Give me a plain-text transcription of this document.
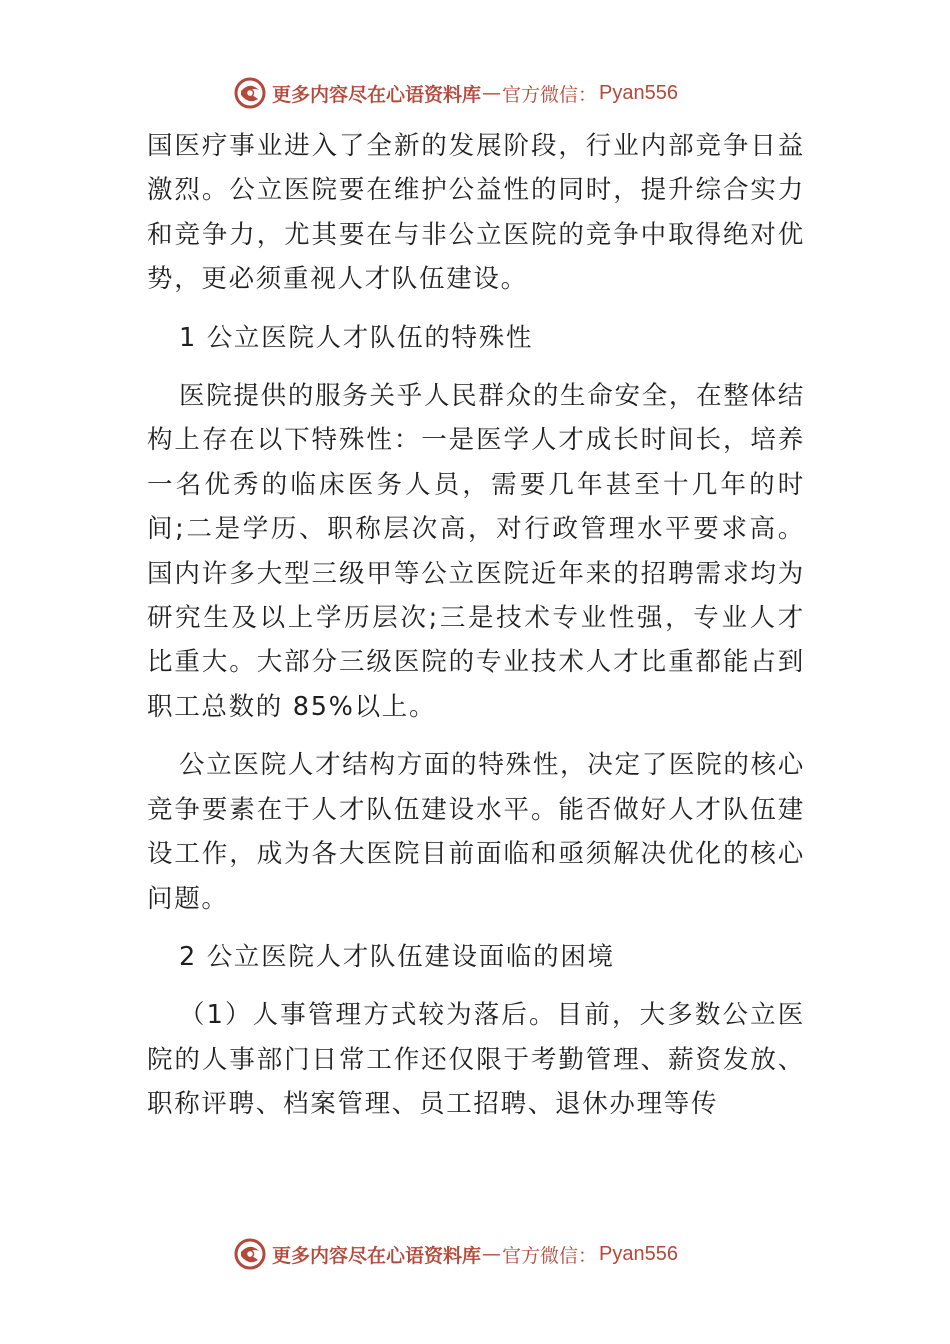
更多内容尽在心语资料库 — 官方微信： Pyan556

国医疗事业进入了全新的发展阶段，行业内部竞争日益激烈。公立医院要在维护公益性的同时，提升综合实力和竞争力，尤其要在与非公立医院的竞争中取得绝对优势，更必须重视人才队伍建设。

1 公立医院人才队伍的特殊性

医院提供的服务关乎人民群众的生命安全，在整体结构上存在以下特殊性：一是医学人才成长时间长，培养一名优秀的临床医务人员，需要几年甚至十几年的时间;二是学历、职称层次高，对行政管理水平要求高。国内许多大型三级甲等公立医院近年来的招聘需求均为研究生及以上学历层次;三是技术专业性强，专业人才比重大。大部分三级医院的专业技术人才比重都能占到职工总数的 85%以上。

公立医院人才结构方面的特殊性，决定了医院的核心竞争要素在于人才队伍建设水平。能否做好人才队伍建设工作，成为各大医院目前面临和亟须解决优化的核心问题。

2 公立医院人才队伍建设面临的困境

（1）人事管理方式较为落后。目前，大多数公立医院的人事部门日常工作还仅限于考勤管理、薪资发放、职称评聘、档案管理、员工招聘、退休办理等传

更多内容尽在心语资料库 — 官方微信： Pyan556
